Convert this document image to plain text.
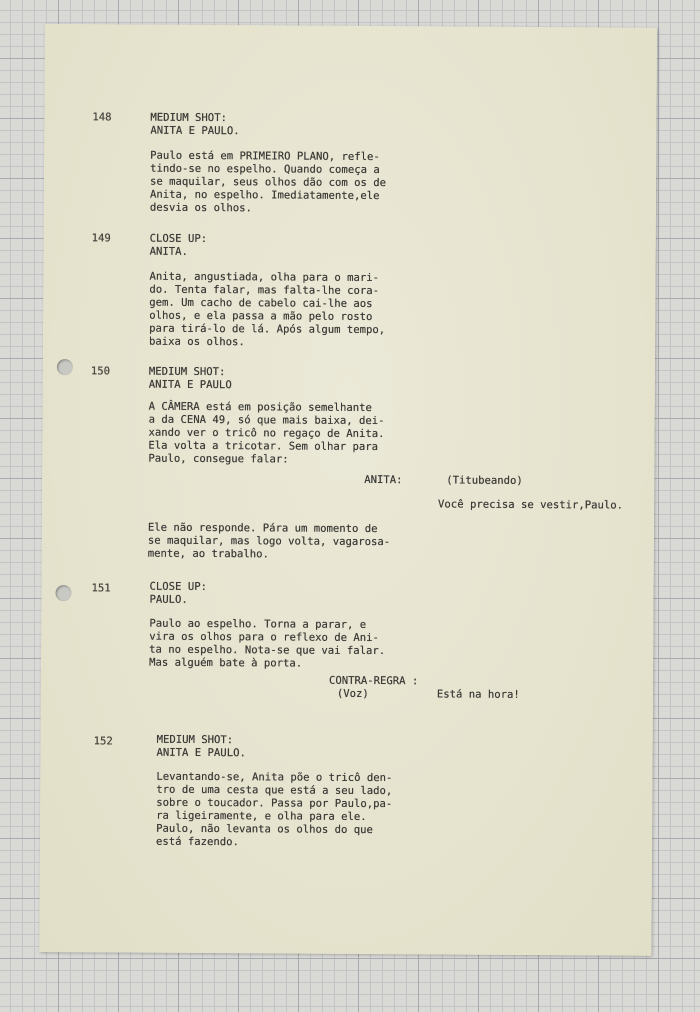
148	MEDIUM SHOT:
ANITA E PAULO.
Paulo está em PRIMEIRO PLANO, refle-
tindo-se no espelho. Quando começa a
se maquilar, seus olhos dão com os de
Anita, no espelho. Imediatamente,ele
desvia os olhos.
149	CLOSE UP:
ANITA.
Anita, angustiada, olha para o mari-
do. Tenta falar, mas falta-lhe cora-
gem. Um cacho de cabelo cai-lhe aos
olhos, e ela passa a mão pelo rosto
para tirá-lo de lá. Após algum tempo,
baixa os olhos.
150	MEDIUM SHOT:
ANITA E PAULO
A CÂMERA está em posição semelhante
a da CENA 49, só que mais baixa, dei-
xando ver o tricô no regaço de Anita.
Ela volta a tricotar. Sem olhar para
Paulo, consegue falar:
ANITA:	(Titubeando)
Você precisa se vestir,Paulo.
Ele não responde. Pára um momento de
se maquilar, mas logo volta, vagarosa-
mente, ao trabalho.
151	CLOSE UP:
PAULO.
Paulo ao espelho. Torna a parar, e
vira os olhos para o reflexo de Ani-
ta no espelho. Nota-se que vai falar.
Mas alguém bate à porta.
CONTRA-REGRA :
(Voz)	Está na hora!
152	MEDIUM SHOT:
ANITA E PAULO.
Levantando-se, Anita põe o tricô den-
tro de uma cesta que está a seu lado,
sobre o toucador. Passa por Paulo,pa-
ra ligeiramente, e olha para ele.
Paulo, não levanta os olhos do que
está fazendo.
